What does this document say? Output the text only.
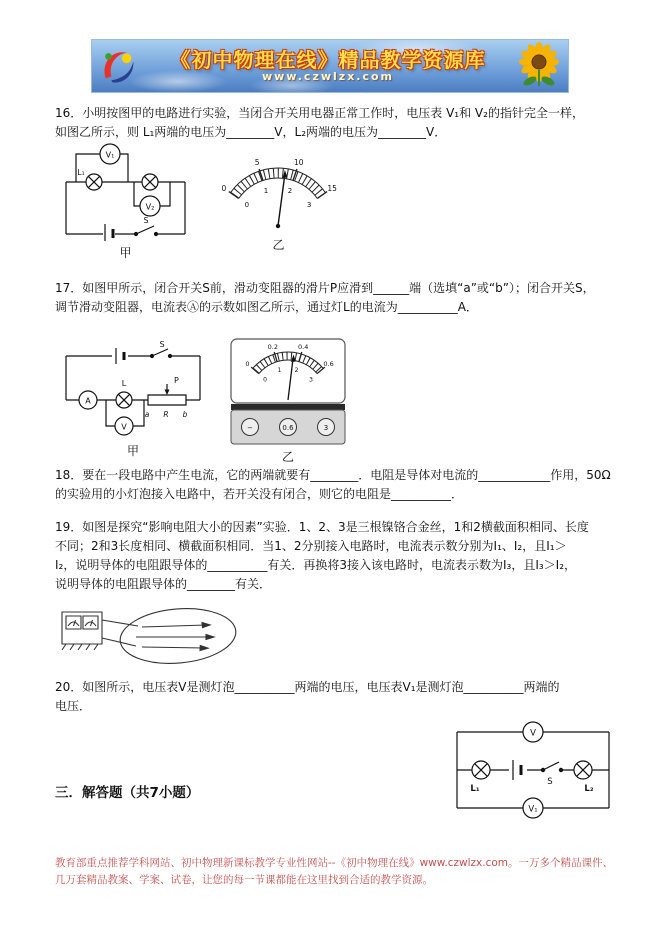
《初中物理在线》精品教学资源库
www.czwlzx.com
16．小明按图甲的电路进行实验，当闭合开关用电器正常工作时，电压表 V₁和 V₂的指针完全一样，
如图乙所示，则 L₁两端的电压为________V，L₂两端的电压为________V．
V₁
V₂
L₁
S
甲
0
5	10
15
0
1	2
3
乙
17．如图甲所示，闭合开关S前，滑动变阻器的滑片P应滑到______端（选填“a”或“b”）；闭合开关S，
调节滑动变阻器，电流表Ⓐ的示数如图乙所示，通过灯L的电流为__________A．
S
A
L	P
a R b
V
甲
0
0.2	0.4
0.6
0
1 2
3
−	0.6	3
乙
18．要在一段电路中产生电流，它的两端就要有________．电阻是导体对电流的____________作用，50Ω
的实验用的小灯泡接入电路中，若开关没有闭合，则它的电阻是__________．
19．如图是探究“影响电阻大小的因素”实验．1、2、3是三根镍铬合金丝，1和2横截面积相同、长度
不同；2和3长度相同、横截面积相同．当1、2分别接入电路时，电流表示数分别为I₁、I₂，且I₁＞
I₂，说明导体的电阻跟导体的__________有关．再换将3接入该电路时，电流表示数为I₃，且I₃＞I₂，
说明导体的电阻跟导体的________有关．
20．如图所示，电压表V是测灯泡__________两端的电压，电压表V₁是测灯泡__________两端的
电压．
S
L₁	L₂
V
V₁
三．解答题（共7小题）
教育部重点推荐学科网站、初中物理新课标教学专业性网站--《初中物理在线》www.czwlzx.com。一万多个精品课件、
几万套精品教案、学案、试卷，让您的每一节课都能在这里找到合适的教学资源。
